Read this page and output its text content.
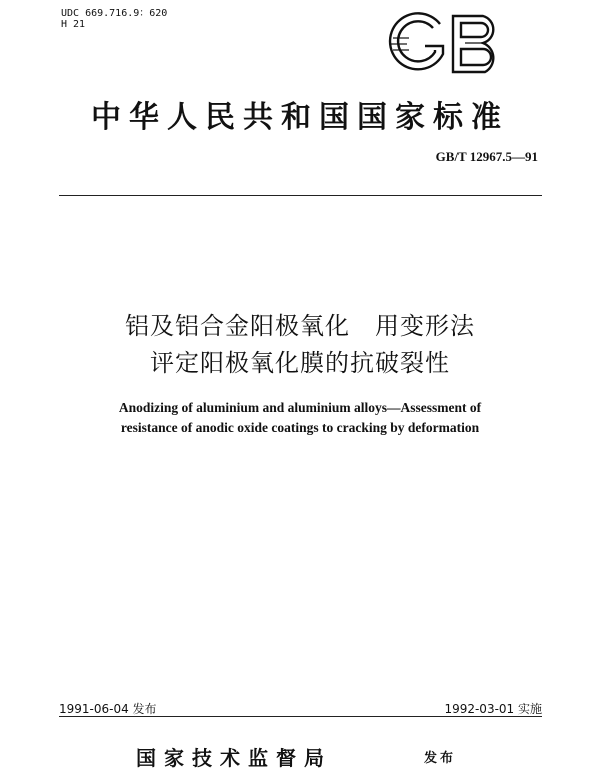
UDC 669.716.9：620
H 21
中华人民共和国国家标准
GB/T 12967.5—91
铝及铝合金阳极氧化　用变形法
评定阳极氧化膜的抗破裂性
Anodizing of aluminium and aluminium alloys—Assessment of
resistance of anodic oxide coatings to cracking by deformation
1991-06-04 发布	1992-03-01 实施
国家技术监督局	发布
